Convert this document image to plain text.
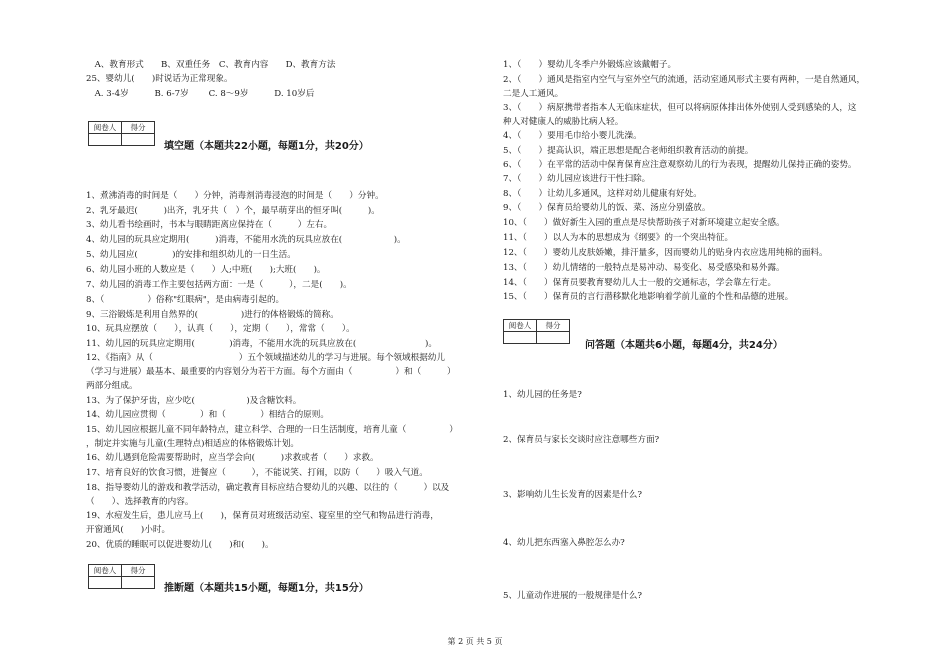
　A、教育形式　　B、双重任务　C、教育内容　　D、教育方法
25、婴幼儿(　　)时说话为正常现象。
　A. 3-4岁　　　B. 6-7岁　　 C. 8～9岁　　　D. 10岁后
阅卷人	得分

填空题（本题共22小题，每题1分，共20分）
1、煮沸消毒的时间是（　　）分钟，消毒剂消毒浸泡的时间是（　　）分钟。
2、乳牙最迟(　　　)出齐，乳牙共（　）个，最早萌芽出的恒牙叫(　　　)。
3、幼儿看书绘画时，书本与眼睛距离应保持在（　　　）左右。
4、幼儿园的玩具应定期用(　　　)消毒，不能用水洗的玩具应放在(　　　　　　)。
5、幼儿园应(　　　　)的安排和组织幼儿的一日生活。
6、幼儿园小班的人数应是（　　）人;中班(　　);大班(　　)。
7、幼儿园的消毒工作主要包括两方面：一是（　　　），二是(　　)。
8、（　　　　　）俗称"红眼病"，是由病毒引起的。
9、三浴锻炼是利用自然界的(　　　　　)进行的体格锻炼的简称。
10、玩具应摆放（　　），认真（　　），定期（　　），常常（　　）。
11、幼儿园的玩具应定期用(　　　　)消毒，不能用水洗的玩具应放在(　　　　　　　　)。
12、《指南》从（　　　　　　　　　　）五个领域描述幼儿的学习与进展。每个领域根据幼儿
（学习与进展）最基本、最重要的内容划分为若干方面。每个方面由（　　　　　）和（　　　）
两部分组成。
13、为了保护牙齿，应少吃(　　　　　　)及含糖饮料。
14、幼儿园应贯彻（　　　　）和（　　　　）相结合的原则。
15、幼儿园应根据儿童不同年龄特点，建立科学、合理的一日生活制度，培育儿童（　　　　　）
，制定并实施与儿童(生理特点)相适应的体格锻炼计划。
16、幼儿遇到危险需要帮助时，应当学会向(　　　)求救或者（　　）求救。
17、培育良好的饮食习惯，进餐应（　　　），不能说笑、打闹，以防（　　）吸入气道。
18、指导婴幼儿的游戏和教学活动，确定教育目标应结合婴幼儿的兴趣、以往的（　　　）以及
（　　）、选择教育的内容。
19、水痘发生后，患儿应马上(　　)，保育员对班级活动室、寝室里的空气和物品进行消毒，
开窗通风(　　)小时。
20、优质的睡眠可以促进婴幼儿(　　)和(　　)。
阅卷人	得分

推断题（本题共15小题，每题1分，共15分）
1、（　　）婴幼儿冬季户外锻炼应该戴帽子。
2、（　　）通风是指室内空气与室外空气的流通，活动室通风形式主要有两种，一是自然通风，
二是人工通风。
3、（　　）病原携带者指本人无临床症状，但可以将病原体排出体外使别人受到感染的人，这
种人对健康人的威胁比病人轻。
4、（　　）要用毛巾给小婴儿洗澡。
5、（　　）提高认识，端正思想是配合老师组织教育活动的前提。
6、（　　）在平常的活动中保育保育应注意观察幼儿的行为表现，提醒幼儿保持正确的姿势。
7、（　　）幼儿园应该进行干性扫除。
8、（　　）让幼儿多通风，这样对幼儿健康有好处。
9、（　　）保育员给婴幼儿的饭、菜、汤应分别盛放。
10、（　　）做好新生入园的重点是尽快帮助孩子对新环境建立起安全感。
11、（　　）以人为本的思想成为《纲要》的一个突出特征。
12、（　　）婴幼儿皮肤娇嫩，排汗量多，因而婴幼儿的贴身内衣应选用纯棉的面料。
13、（　　）幼儿情绪的一般特点是易冲动、易变化、易受感染和易外露。
14、（　　）保育员要教育婴幼儿人士一般的交通标志，学会靠左行走。
15、（　　）保育员的言行潜移默化地影响着学前儿童的个性和品德的进展。
阅卷人	得分

问答题（本题共6小题，每题4分，共24分）
1、幼儿园的任务是?
2、保育员与家长交谈时应注意哪些方面?
3、影响幼儿生长发育的因素是什么?
4、幼儿把东西塞入鼻腔怎么办?
5、儿童动作进展的一般规律是什么?
第 2 页 共 5 页
